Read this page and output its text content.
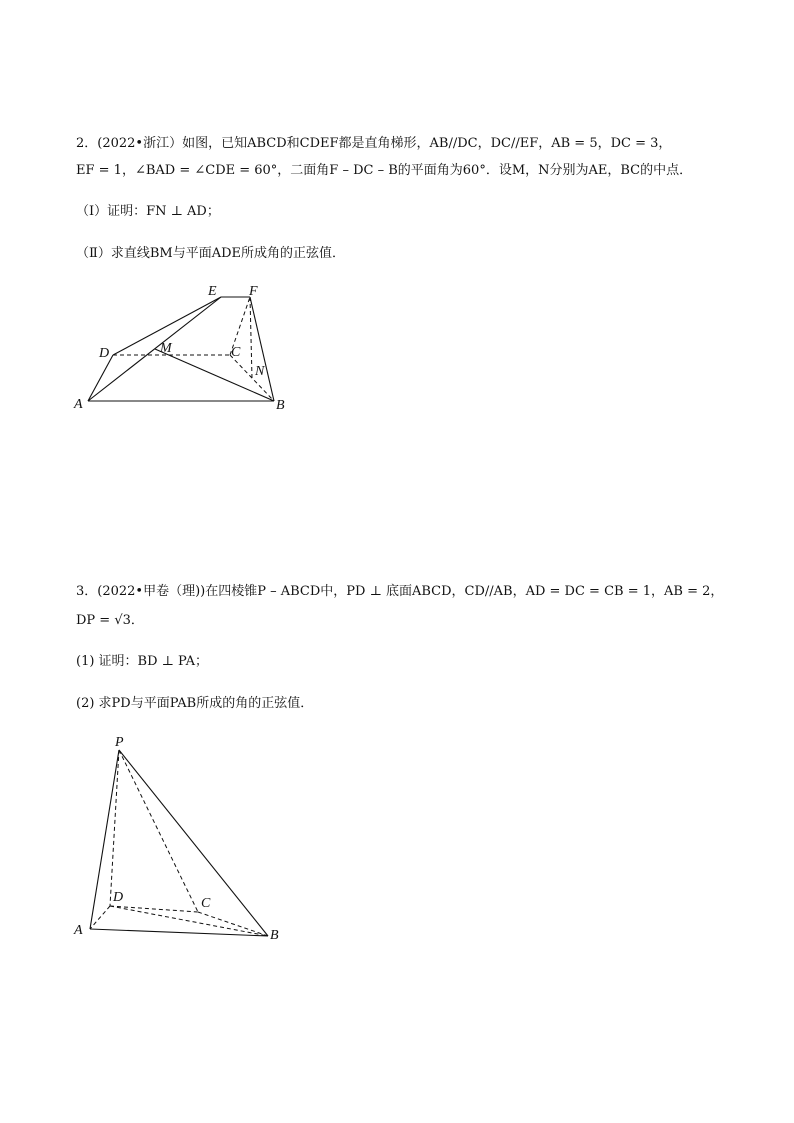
2．(2022•浙江）如图，已知ABCD和CDEF都是直角梯形，AB//DC，DC//EF，AB = 5，DC = 3，
EF = 1，∠BAD = ∠CDE = 60°，二面角F – DC – B的平面角为60°．设M，N分别为AE，BC的中点．
（Ⅰ）证明：FN ⊥ AD；
（Ⅱ）求直线BM与平面ADE所成角的正弦值．
E F
D	M	C
N
A	B
3．(2022•甲卷（理))在四棱锥P – ABCD中，PD ⊥ 底面ABCD，CD//AB，AD = DC = CB = 1，AB = 2，
DP = √3．
(1) 证明：BD ⊥ PA；
(2) 求PD与平面PAB所成的角的正弦值．
P
D	C
A	B
